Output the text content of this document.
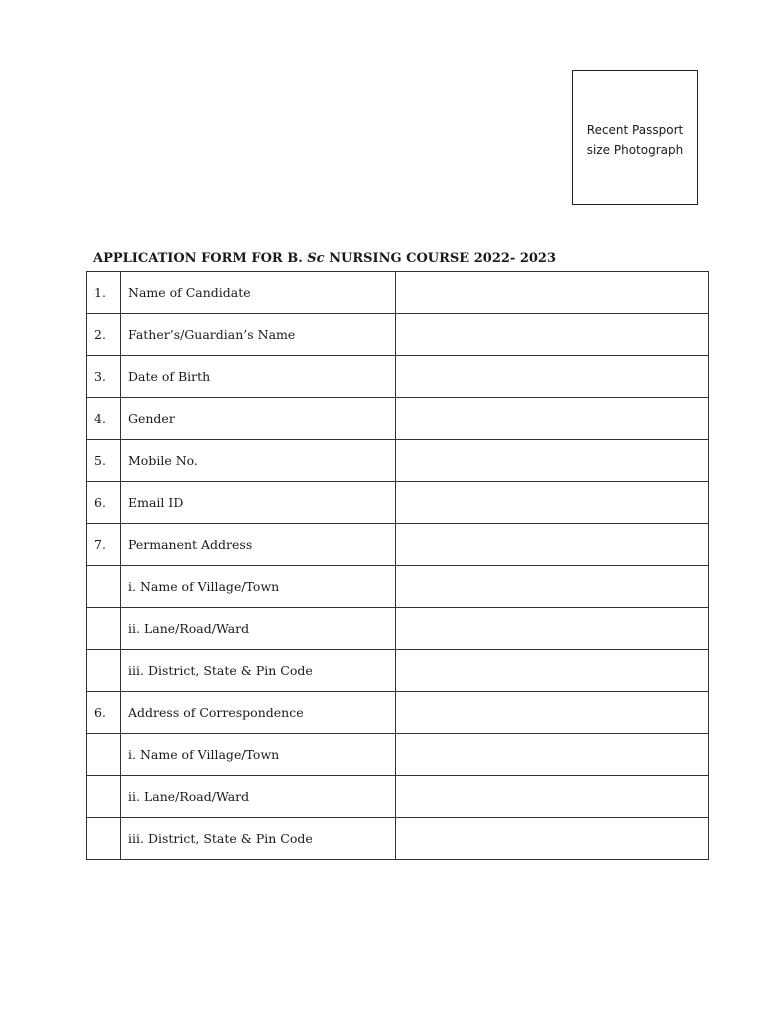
Recent Passport
size Photograph
APPLICATION FORM FOR B. Sc NURSING COURSE 2022- 2023
1.	Name of Candidate	
2.	Father’s/Guardian’s Name	
3.	Date of Birth	
4.	Gender	
5.	Mobile No.	
6.	Email ID	
7.	Permanent Address	
	i. Name of Village/Town	
	ii. Lane/Road/Ward	
	iii. District, State & Pin Code	
6.	Address of Correspondence	
	i. Name of Village/Town	
	ii. Lane/Road/Ward	
	iii. District, State & Pin Code	
